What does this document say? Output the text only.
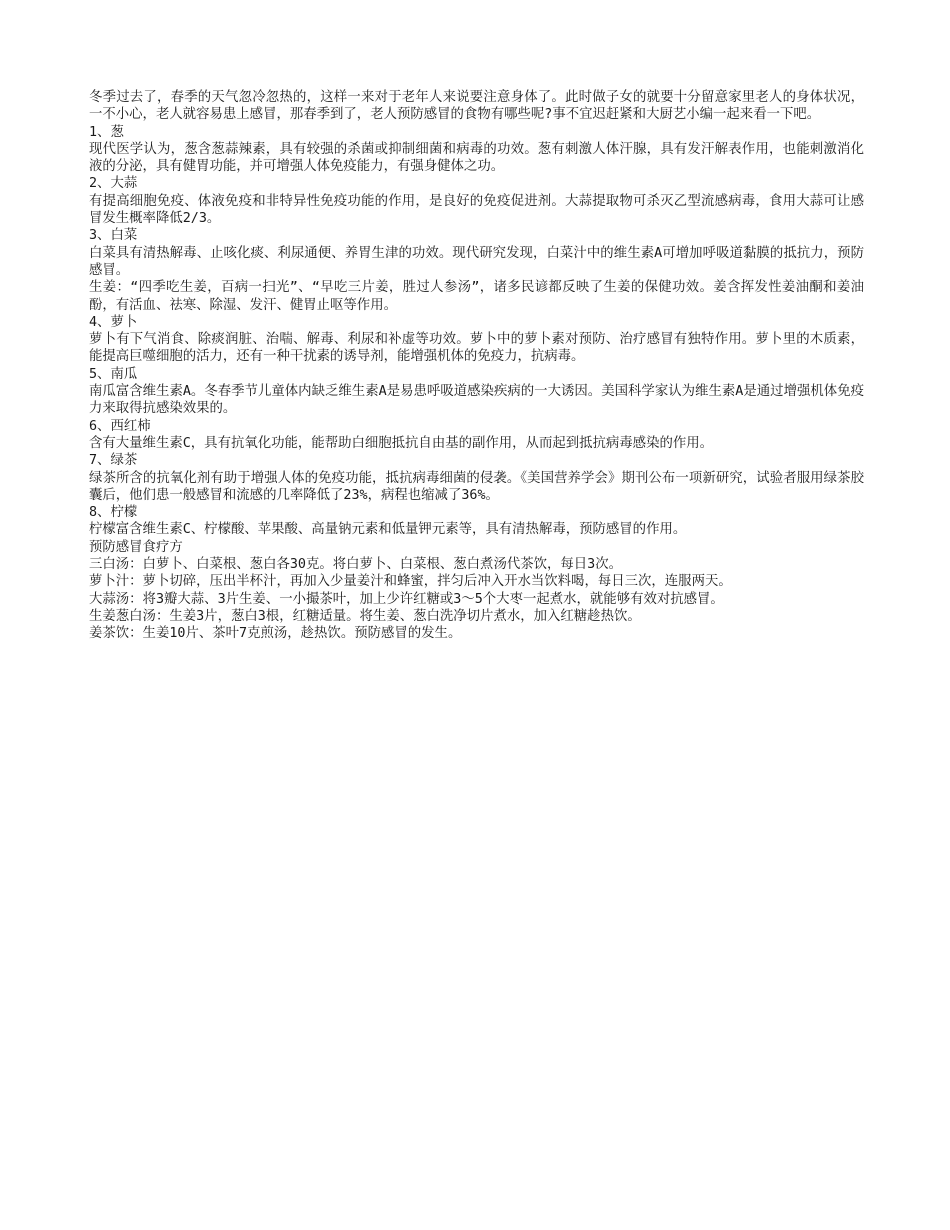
冬季过去了，春季的天气忽冷忽热的，这样一来对于老年人来说要注意身体了。此时做子女的就要十分留意家里老人的身体状况，一不小心，老人就容易患上感冒，那春季到了，老人预防感冒的食物有哪些呢?事不宜迟赶紧和大厨艺小编一起来看一下吧。

1、葱

现代医学认为，葱含葱蒜辣素，具有较强的杀菌或抑制细菌和病毒的功效。葱有刺激人体汗腺，具有发汗解表作用，也能刺激消化液的分泌，具有健胃功能，并可增强人体免疫能力，有强身健体之功。

2、大蒜

有提高细胞免疫、体液免疫和非特异性免疫功能的作用，是良好的免疫促进剂。大蒜提取物可杀灭乙型流感病毒，食用大蒜可让感冒发生概率降低2/3。

3、白菜

白菜具有清热解毒、止咳化痰、利尿通便、养胃生津的功效。现代研究发现，白菜汁中的维生素A可增加呼吸道黏膜的抵抗力，预防感冒。

生姜：“四季吃生姜，百病一扫光”、“早吃三片姜，胜过人参汤”，诸多民谚都反映了生姜的保健功效。姜含挥发性姜油酮和姜油酚，有活血、祛寒、除湿、发汗、健胃止呕等作用。

4、萝卜

萝卜有下气消食、除痰润脏、治喘、解毒、利尿和补虚等功效。萝卜中的萝卜素对预防、治疗感冒有独特作用。萝卜里的木质素，能提高巨噬细胞的活力，还有一种干扰素的诱导剂，能增强机体的免疫力，抗病毒。

5、南瓜

南瓜富含维生素A。冬春季节儿童体内缺乏维生素A是易患呼吸道感染疾病的一大诱因。美国科学家认为维生素A是通过增强机体免疫力来取得抗感染效果的。

6、西红柿

含有大量维生素C，具有抗氧化功能，能帮助白细胞抵抗自由基的副作用，从而起到抵抗病毒感染的作用。

7、绿茶

绿茶所含的抗氧化剂有助于增强人体的免疫功能，抵抗病毒细菌的侵袭。《美国营养学会》期刊公布一项新研究，试验者服用绿茶胶囊后，他们患一般感冒和流感的几率降低了23%，病程也缩减了36%。

8、柠檬

柠檬富含维生素C、柠檬酸、苹果酸、高量钠元素和低量钾元素等，具有清热解毒，预防感冒的作用。

预防感冒食疗方

三白汤：白萝卜、白菜根、葱白各30克。将白萝卜、白菜根、葱白煮汤代茶饮，每日3次。

萝卜汁：萝卜切碎，压出半杯汁，再加入少量姜汁和蜂蜜，拌匀后冲入开水当饮料喝，每日三次，连服两天。

大蒜汤：将3瓣大蒜、3片生姜、一小撮茶叶，加上少许红糖或3～5个大枣一起煮水，就能够有效对抗感冒。

生姜葱白汤：生姜3片，葱白3根，红糖适量。将生姜、葱白洗净切片煮水，加入红糖趁热饮。

姜茶饮：生姜10片、茶叶7克煎汤，趁热饮。预防感冒的发生。
